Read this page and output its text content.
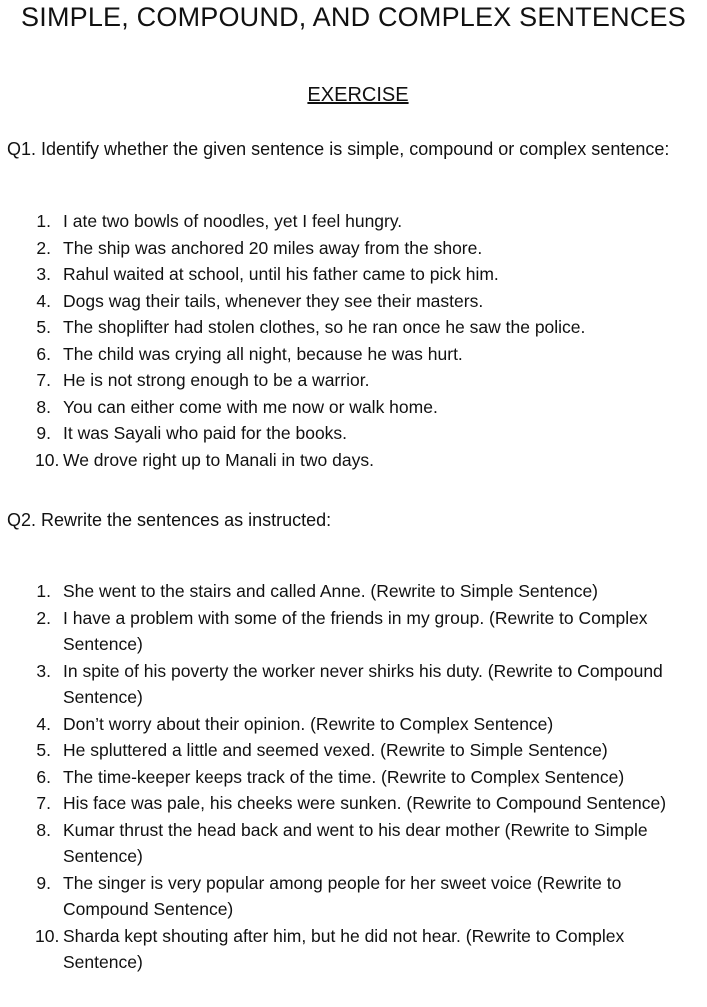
SIMPLE, COMPOUND, AND COMPLEX SENTENCES
EXERCISE
Q1. Identify whether the given sentence is simple, compound or complex sentence:
1. I ate two bowls of noodles, yet I feel hungry.
2. The ship was anchored 20 miles away from the shore.
3. Rahul waited at school, until his father came to pick him.
4. Dogs wag their tails, whenever they see their masters.
5. The shoplifter had stolen clothes, so he ran once he saw the police.
6. The child was crying all night, because he was hurt.
7. He is not strong enough to be a warrior.
8. You can either come with me now or walk home.
9. It was Sayali who paid for the books.
10. We drove right up to Manali in two days.
Q2. Rewrite the sentences as instructed:
1. She went to the stairs and called Anne. (Rewrite to Simple Sentence)
2. I have a problem with some of the friends in my group. (Rewrite to Complex Sentence)
3. In spite of his poverty the worker never shirks his duty. (Rewrite to Compound Sentence)
4. Don’t worry about their opinion. (Rewrite to Complex Sentence)
5. He spluttered a little and seemed vexed. (Rewrite to Simple Sentence)
6. The time-keeper keeps track of the time. (Rewrite to Complex Sentence)
7. His face was pale, his cheeks were sunken. (Rewrite to Compound Sentence)
8. Kumar thrust the head back and went to his dear mother (Rewrite to Simple Sentence)
9. The singer is very popular among people for her sweet voice (Rewrite to Compound Sentence)
10. Sharda kept shouting after him, but he did not hear. (Rewrite to Complex Sentence)
